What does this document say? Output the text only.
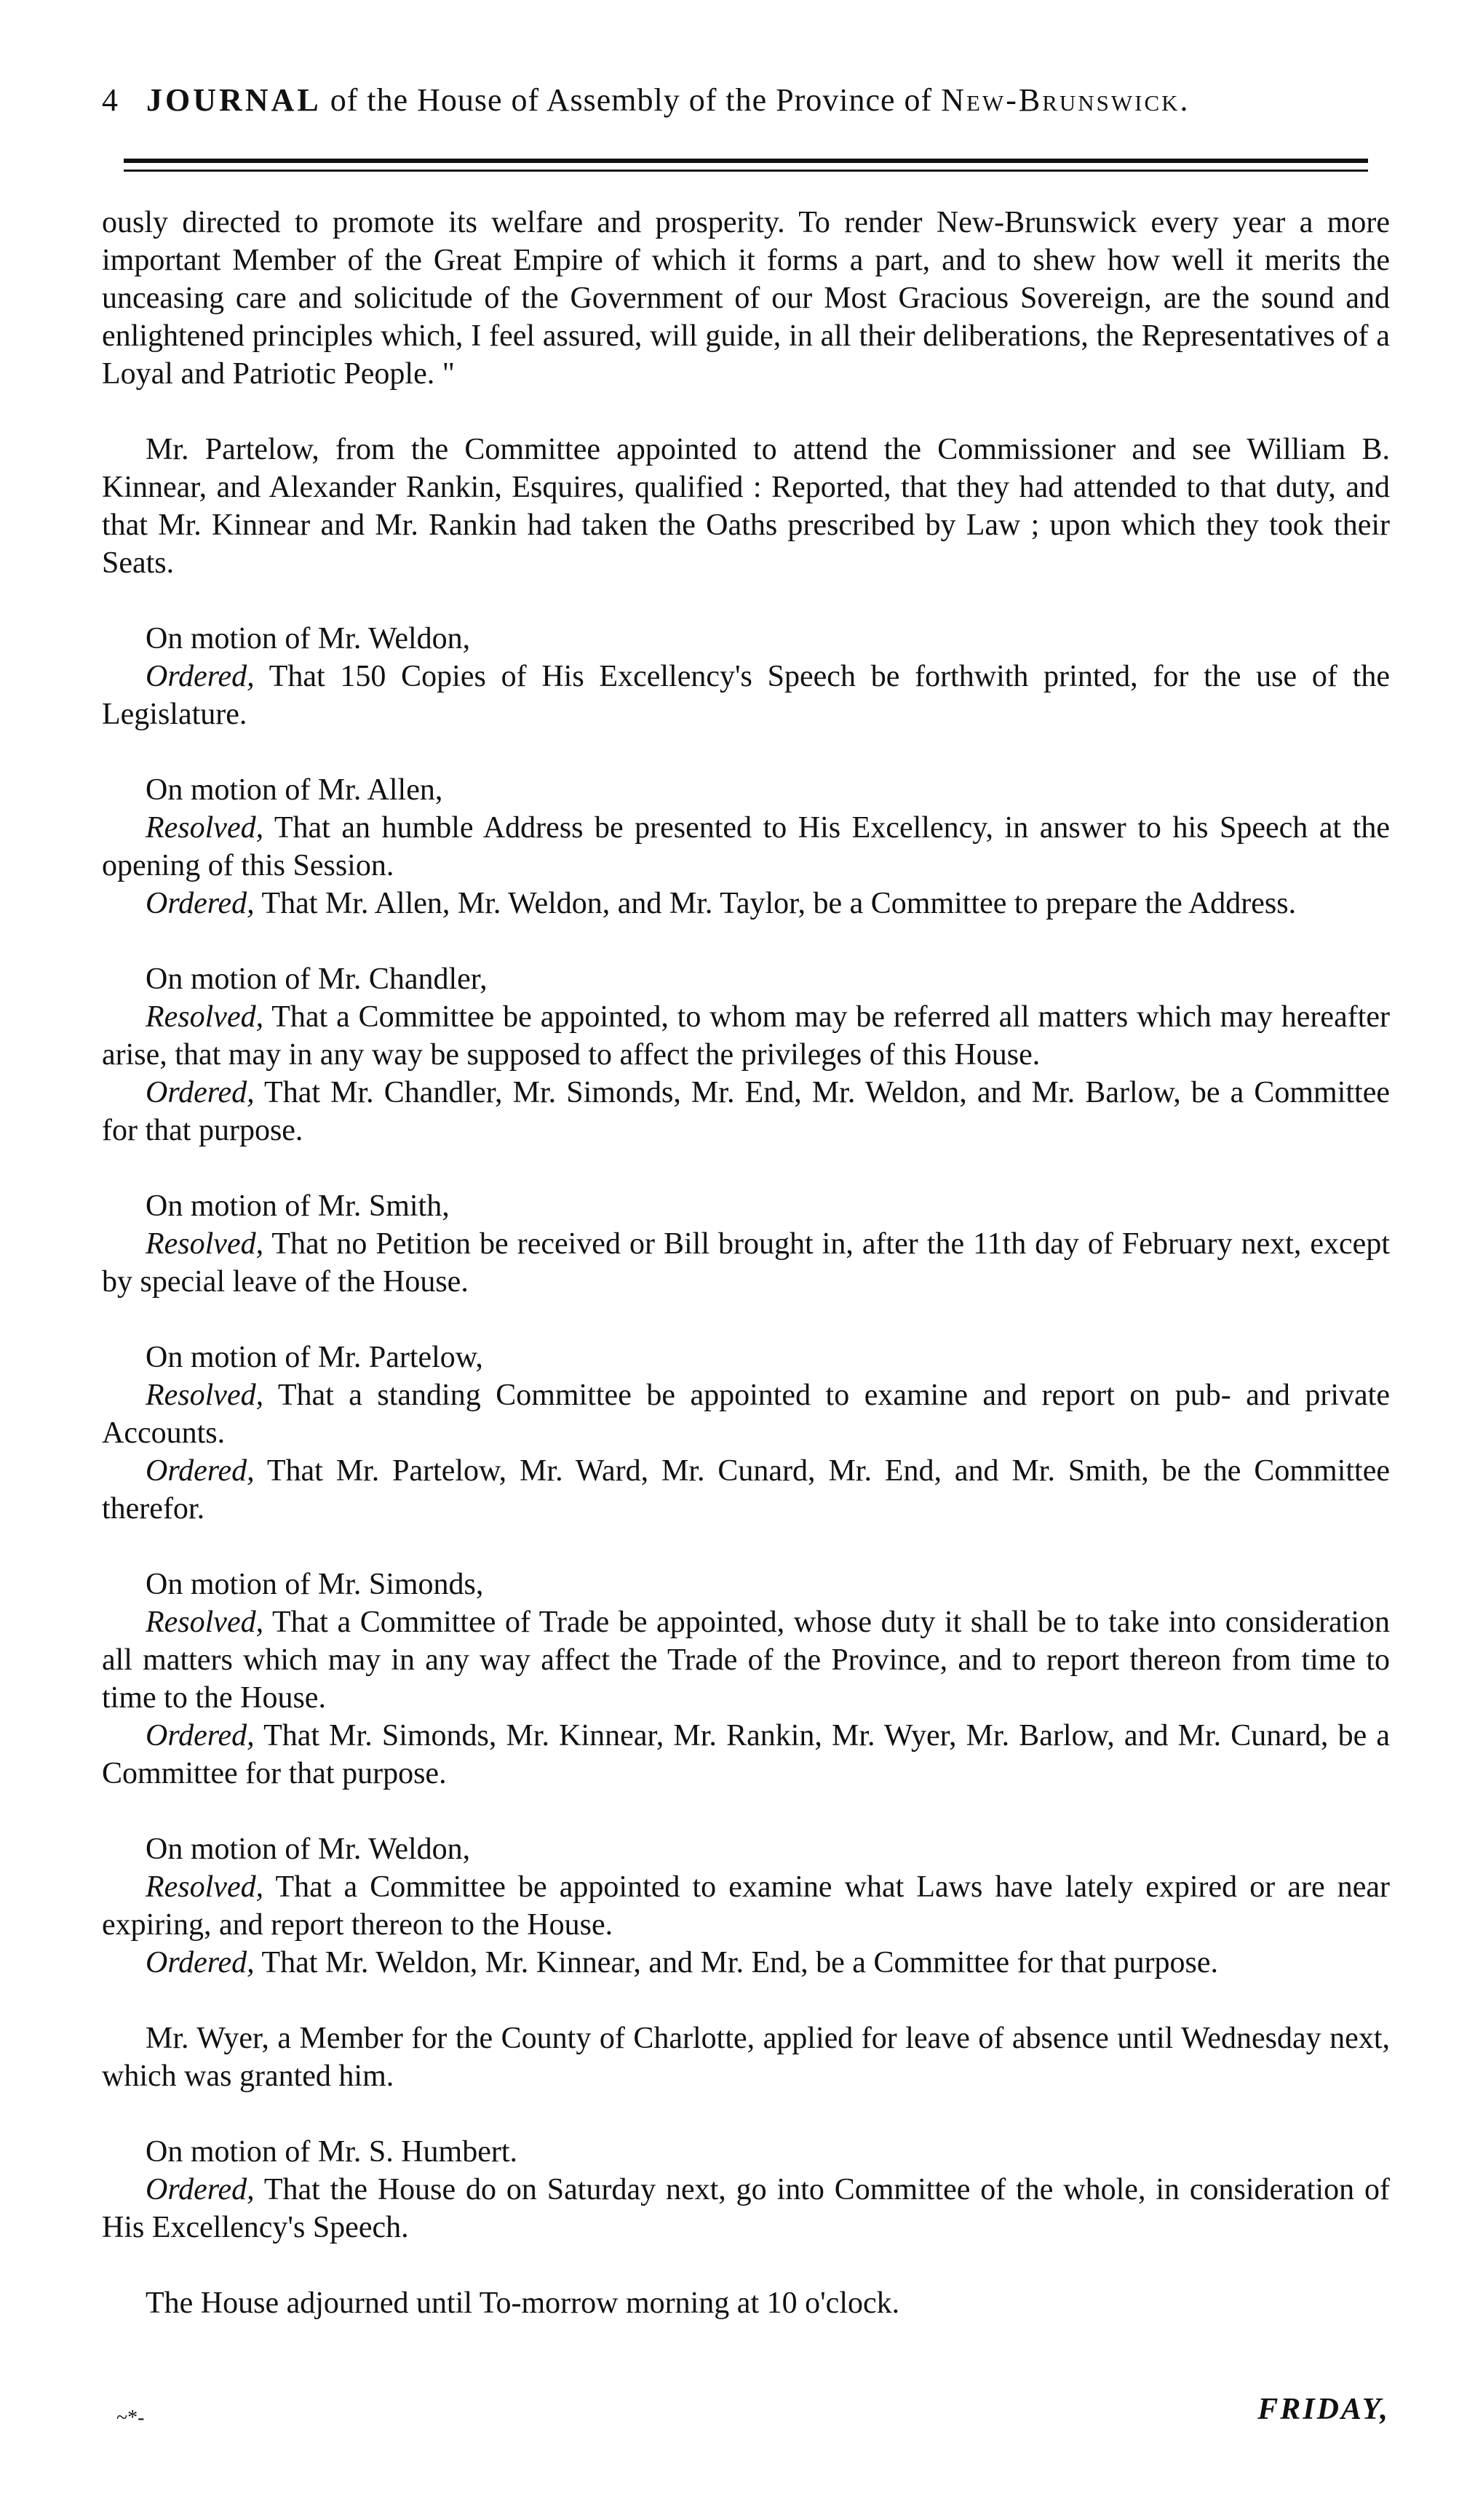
4 JOURNAL of the House of Assembly of the Province of New-Brunswick.

ously directed to promote its welfare and prosperity. To render New-Brunswick every year a more important Member of the Great Empire of which it forms a part, and to shew how well it merits the unceasing care and solicitude of the Government of our Most Gracious Sovereign, are the sound and enlightened principles which, I feel assured, will guide, in all their deliberations, the Representatives of a Loyal and Patriotic People. "

Mr. Partelow, from the Committee appointed to attend the Commissioner and see William B. Kinnear, and Alexander Rankin, Esquires, qualified : Reported, that they had attended to that duty, and that Mr. Kinnear and Mr. Rankin had taken the Oaths prescribed by Law ; upon which they took their Seats.

On motion of Mr. Weldon,

Ordered, That 150 Copies of His Excellency's Speech be forthwith printed, for the use of the Legislature.

On motion of Mr. Allen,

Resolved, That an humble Address be presented to His Excellency, in answer to his Speech at the opening of this Session.

Ordered, That Mr. Allen, Mr. Weldon, and Mr. Taylor, be a Committee to prepare the Address.

On motion of Mr. Chandler,

Resolved, That a Committee be appointed, to whom may be referred all matters which may hereafter arise, that may in any way be supposed to affect the privileges of this House.

Ordered, That Mr. Chandler, Mr. Simonds, Mr. End, Mr. Weldon, and Mr. Barlow, be a Committee for that purpose.

On motion of Mr. Smith,

Resolved, That no Petition be received or Bill brought in, after the 11th day of February next, except by special leave of the House.

On motion of Mr. Partelow,

Resolved, That a standing Committee be appointed to examine and report on pub- and private Accounts.

Ordered, That Mr. Partelow, Mr. Ward, Mr. Cunard, Mr. End, and Mr. Smith, be the Committee therefor.

On motion of Mr. Simonds,

Resolved, That a Committee of Trade be appointed, whose duty it shall be to take into consideration all matters which may in any way affect the Trade of the Province, and to report thereon from time to time to the House.

Ordered, That Mr. Simonds, Mr. Kinnear, Mr. Rankin, Mr. Wyer, Mr. Barlow, and Mr. Cunard, be a Committee for that purpose.

On motion of Mr. Weldon,

Resolved, That a Committee be appointed to examine what Laws have lately expired or are near expiring, and report thereon to the House.

Ordered, That Mr. Weldon, Mr. Kinnear, and Mr. End, be a Committee for that purpose.

Mr. Wyer, a Member for the County of Charlotte, applied for leave of absence until Wednesday next, which was granted him.

On motion of Mr. S. Humbert.

Ordered, That the House do on Saturday next, go into Committee of the whole, in consideration of His Excellency's Speech.

The House adjourned until To-morrow morning at 10 o'clock.

~*-	FRIDAY,
